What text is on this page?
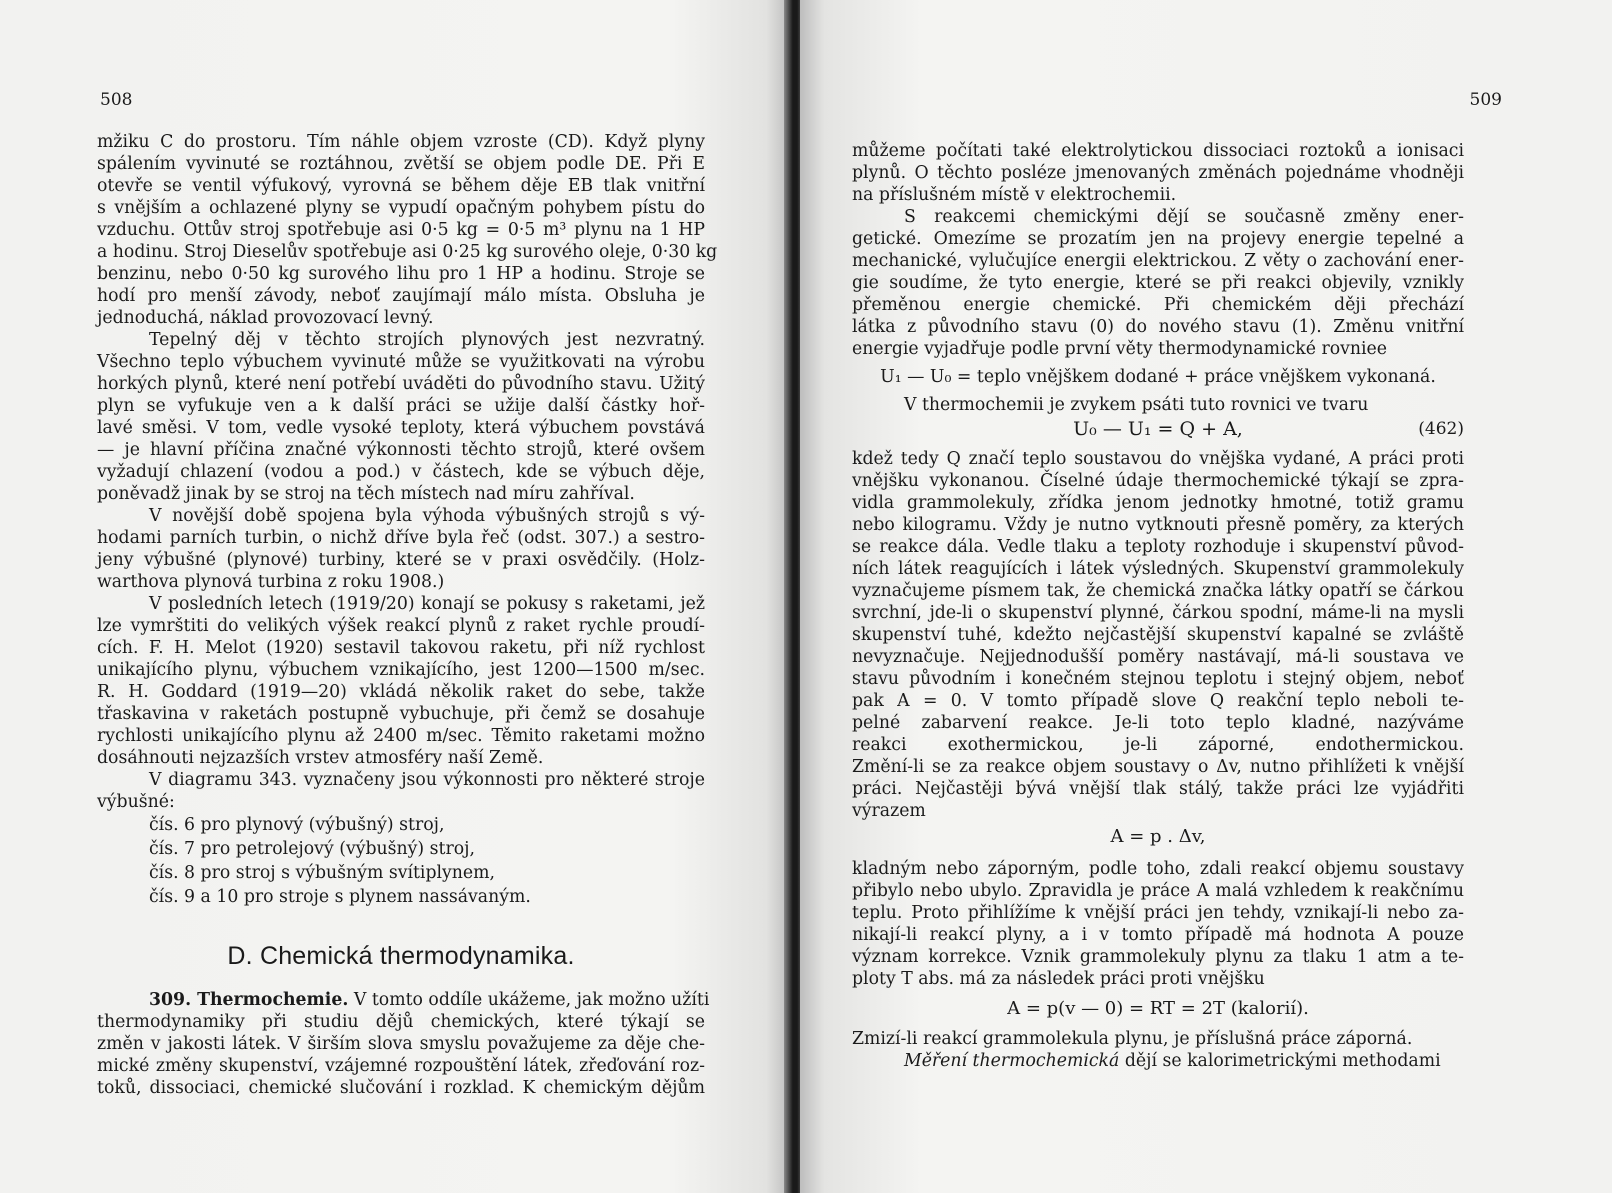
508
mžiku C do prostoru. Tím náhle objem vzroste (CD). Když plyny
spálením vyvinuté se roztáhnou, zvětší se objem podle DE. Při E
otevře se ventil výfukový, vyrovná se během děje EB tlak vnitřní
s vnějším a ochlazené plyny se vypudí opačným pohybem pístu do
vzduchu. Ottův stroj spotřebuje asi 0·5 kg = 0·5 m³ plynu na 1 HP
a hodinu. Stroj Dieselův spotřebuje asi 0·25 kg surového oleje, 0·30 kg
benzinu, nebo 0·50 kg surového lihu pro 1 HP a hodinu. Stroje se
hodí pro menší závody, neboť zaujímají málo místa. Obsluha je
jednoduchá, náklad provozovací levný.
Tepelný děj v těchto strojích plynových jest nezvratný.
Všechno teplo výbuchem vyvinuté může se využitkovati na výrobu
horkých plynů, které není potřebí uváděti do původního stavu. Užitý
plyn se vyfukuje ven a k další práci se užije další částky hoř-
lavé směsi. V tom, vedle vysoké teploty, která výbuchem povstává
— je hlavní příčina značné výkonnosti těchto strojů, které ovšem
vyžadují chlazení (vodou a pod.) v částech, kde se výbuch děje,
poněvadž jinak by se stroj na těch místech nad míru zahříval.
V novější době spojena byla výhoda výbušných strojů s vý-
hodami parních turbin, o nichž dříve byla řeč (odst. 307.) a sestro-
jeny výbušné (plynové) turbiny, které se v praxi osvědčily. (Holz-
warthova plynová turbina z roku 1908.)
V posledních letech (1919/20) konají se pokusy s raketami, jež
lze vymrštiti do velikých výšek reakcí plynů z raket rychle proudí-
cích. F. H. Melot (1920) sestavil takovou raketu, při níž rychlost
unikajícího plynu, výbuchem vznikajícího, jest 1200—1500 m/sec.
R. H. Goddard (1919—20) vkládá několik raket do sebe, takže
třaskavina v raketách postupně vybuchuje, při čemž se dosahuje
rychlosti unikajícího plynu až 2400 m/sec. Těmito raketami možno
dosáhnouti nejzazších vrstev atmosféry naší Země.
V diagramu 343. vyznačeny jsou výkonnosti pro některé stroje
výbušné:
čís. 6 pro plynový (výbušný) stroj,
čís. 7 pro petrolejový (výbušný) stroj,
čís. 8 pro stroj s výbušným svítiplynem,
čís. 9 a 10 pro stroje s plynem nassávaným.
D. Chemická thermodynamika.
309. Thermochemie. V tomto oddíle ukážeme, jak možno užíti
thermodynamiky při studiu dějů chemických, které týkají se
změn v jakosti látek. V širším slova smyslu považujeme za děje che-
mické změny skupenství, vzájemné rozpouštění látek, zřeďování roz-
toků, dissociaci, chemické slučování i rozklad. K chemickým dějům
509
můžeme počítati také elektrolytickou dissociaci roztoků a ionisaci
plynů. O těchto posléze jmenovaných změnách pojednáme vhodněji
na příslušném místě v elektrochemii.
S reakcemi chemickými dějí se současně změny ener-
getické. Omezíme se prozatím jen na projevy energie tepelné a
mechanické, vylučujíce energii elektrickou. Z věty o zachování ener-
gie soudíme, že tyto energie, které se při reakci objevily, vznikly
přeměnou energie chemické. Při chemickém ději přechází
látka z původního stavu (0) do nového stavu (1). Změnu vnitřní
energie vyjadřuje podle první věty thermodynamické rovniee
U₁ — U₀ = teplo vnějškem dodané + práce vnějškem vykonaná.
V thermochemii je zvykem psáti tuto rovnici ve tvaru
U₀ — U₁ = Q + A,	(462)
kdež tedy Q značí teplo soustavou do vnějška vydané, A práci proti
vnějšku vykonanou. Číselné údaje thermochemické týkají se zpra-
vidla grammolekuly, zřídka jenom jednotky hmotné, totiž gramu
nebo kilogramu. Vždy je nutno vytknouti přesně poměry, za kterých
se reakce dála. Vedle tlaku a teploty rozhoduje i skupenství původ-
ních látek reagujících i látek výsledných. Skupenství grammolekuly
vyznačujeme písmem tak, že chemická značka látky opatří se čárkou
svrchní, jde-li o skupenství plynné, čárkou spodní, máme-li na mysli
skupenství tuhé, kdežto nejčastější skupenství kapalné se zvláště
nevyznačuje. Nejjednodušší poměry nastávají, má-li soustava ve
stavu původním i konečném stejnou teplotu i stejný objem, neboť
pak A = 0. V tomto případě slove Q reakční teplo neboli te-
pelné zabarvení reakce. Je-li toto teplo kladné, nazýváme
reakci exothermickou, je-li záporné, endothermickou.
Změní-li se za reakce objem soustavy o Δv, nutno přihlížeti k vnější
práci. Nejčastěji bývá vnější tlak stálý, takže práci lze vyjádřiti
výrazem
A = p . Δv,
kladným nebo záporným, podle toho, zdali reakcí objemu soustavy
přibylo nebo ubylo. Zpravidla je práce A malá vzhledem k reakčnímu
teplu. Proto přihlížíme k vnější práci jen tehdy, vznikají-li nebo za-
nikají-li reakcí plyny, a i v tomto případě má hodnota A pouze
význam korrekce. Vznik grammolekuly plynu za tlaku 1 atm a te-
ploty T abs. má za následek práci proti vnějšku
A = p(v — 0) = RT = 2T (kalorií).
Zmizí-li reakcí grammolekula plynu, je příslušná práce záporná.
Měření thermochemická dějí se kalorimetrickými methodami
